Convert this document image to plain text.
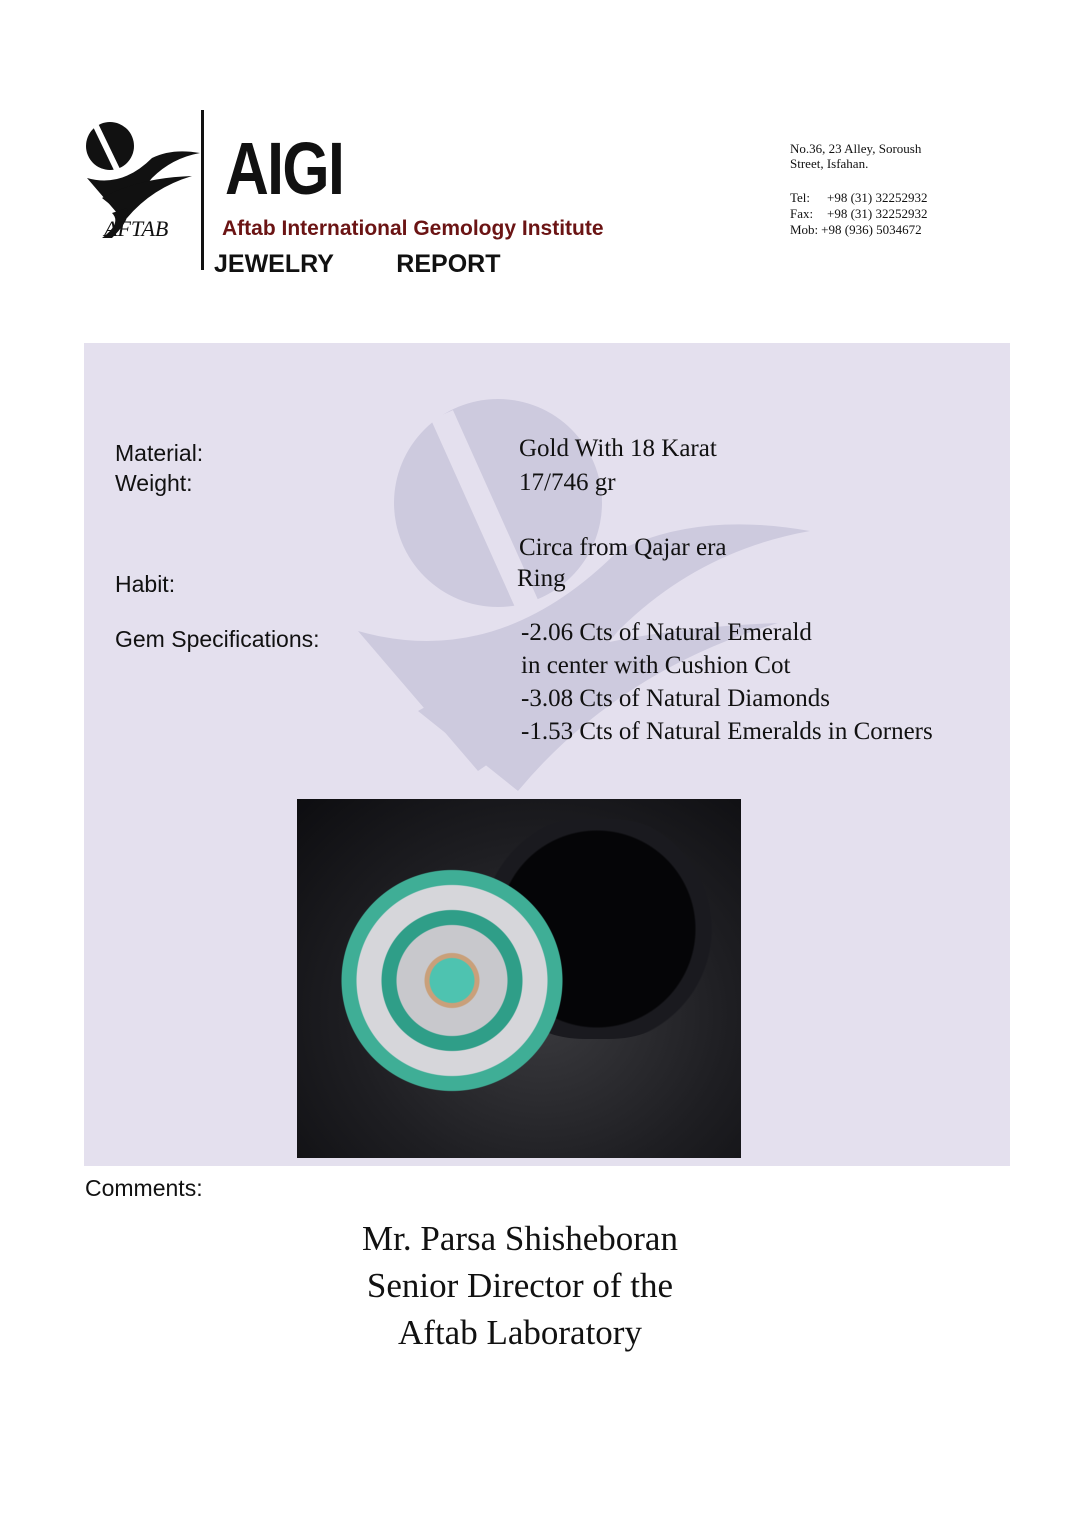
AFTAB
AIGI
Aftab International Gemology Institute
JEWELRY   REPORT
No.36, 23 Alley, Soroush
Street, Isfahan.
Tel: +98 (31) 32252932
Fax: +98 (31) 32252932
Mob: +98 (936) 5034672
Material:
Weight:
Habit:
Gem Specifications:
Gold With 18 Karat
17/746 gr
Circa from Qajar era
Ring
-2.06 Cts of Natural Emerald
in center with Cushion Cot
-3.08 Cts of Natural Diamonds
-1.53 Cts of Natural Emeralds in Corners
Comments:
Mr. Parsa Shisheboran
Senior Director of the
Aftab Laboratory
